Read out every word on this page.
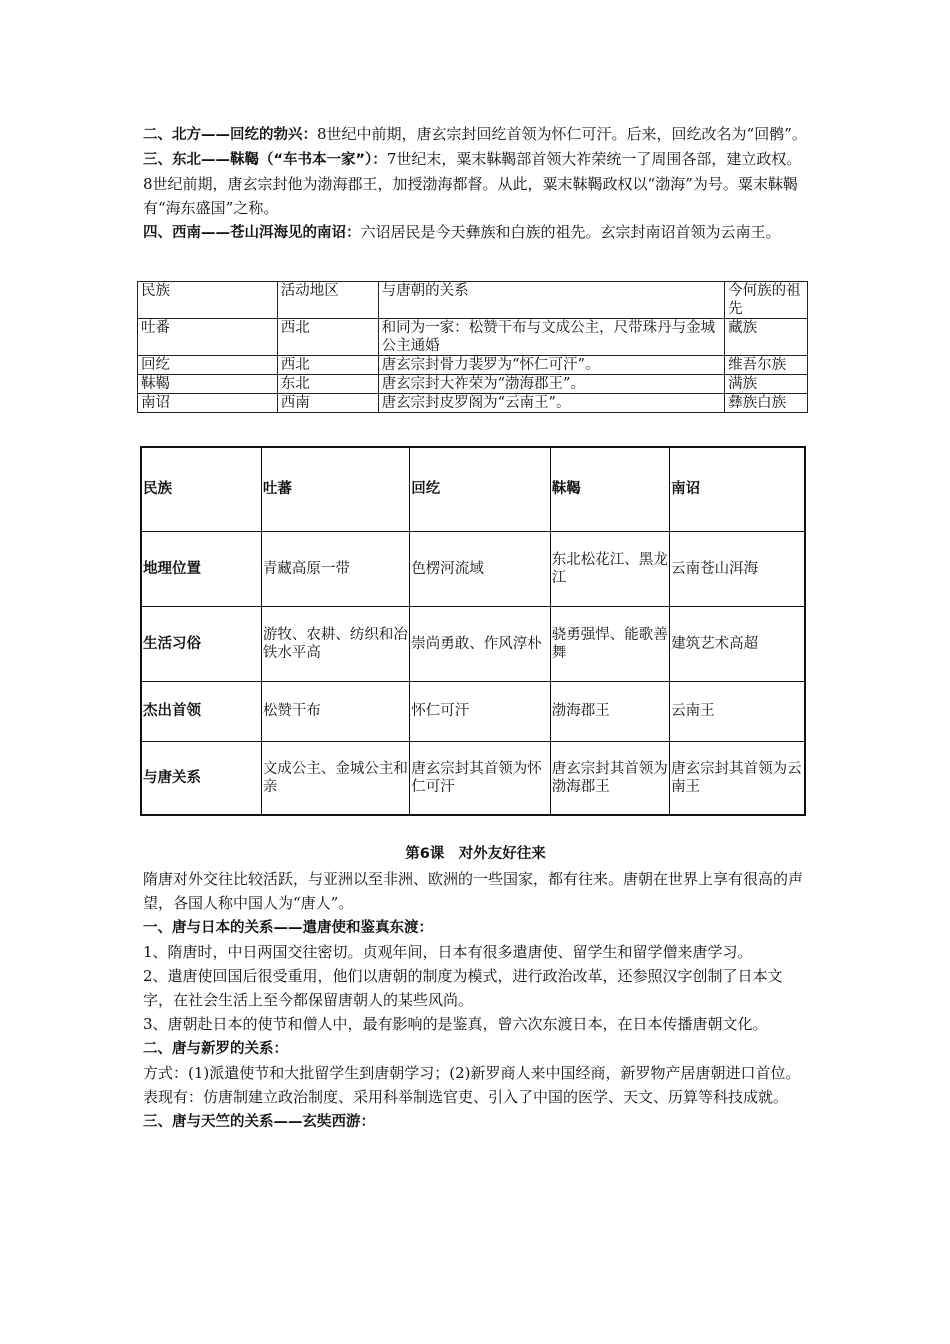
二、北方——回纥的勃兴：8世纪中前期，唐玄宗封回纥首领为怀仁可汗。后来，回纥改名为“回鹘”。

三、东北——靺鞨（“车书本一家”）：7世纪末，粟末靺鞨部首领大祚荣统一了周围各部，建立政权。8世纪前期，唐玄宗封他为渤海郡王，加授渤海都督。从此，粟末靺鞨政权以“渤海”为号。粟末靺鞨有“海东盛国”之称。

四、西南——苍山洱海见的南诏：六诏居民是今天彝族和白族的祖先。玄宗封南诏首领为云南王。

民族	活动地区	与唐朝的关系	今何族的祖先
吐番	西北	和同为一家：松赞干布与文成公主，尺带珠丹与金城公主通婚	藏族
回纥	西北	唐玄宗封骨力裴罗为“怀仁可汗”。	维吾尔族
靺鞨	东北	唐玄宗封大祚荣为“渤海郡王”。	满族
南诏	西南	唐玄宗封皮罗阁为“云南王”。	彝族白族
民族	吐蕃	回纥	靺鞨	南诏
地理位置	青藏高原一带	色楞河流域	东北松花江、黑龙江	云南苍山洱海
生活习俗	游牧、农耕、纺织和冶铁水平高	崇尚勇敢、作风淳朴	骁勇强悍、能歌善舞	建筑艺术高超
杰出首领	松赞干布	怀仁可汗	渤海郡王	云南王
与唐关系	文成公主、金城公主和亲	唐玄宗封其首领为怀仁可汗	唐玄宗封其首领为渤海郡王	唐玄宗封其首领为云南王
第6课　对外友好往来

隋唐对外交往比较活跃，与亚洲以至非洲、欧洲的一些国家，都有往来。唐朝在世界上享有很高的声望，各国人称中国人为“唐人”。

一、唐与日本的关系——遣唐使和鉴真东渡：

1、隋唐时，中日两国交往密切。贞观年间，日本有很多遣唐使、留学生和留学僧来唐学习。

2、遣唐使回国后很受重用，他们以唐朝的制度为模式，进行政治改革，还参照汉字创制了日本文字，在社会生活上至今都保留唐朝人的某些风尚。

3、唐朝赴日本的使节和僧人中，最有影响的是鉴真，曾六次东渡日本，在日本传播唐朝文化。

二、唐与新罗的关系：

方式：(1)派遣使节和大批留学生到唐朝学习；(2)新罗商人来中国经商，新罗物产居唐朝进口首位。

表现有：仿唐制建立政治制度、采用科举制选官吏、引入了中国的医学、天文、历算等科技成就。

三、唐与天竺的关系——玄奘西游：
